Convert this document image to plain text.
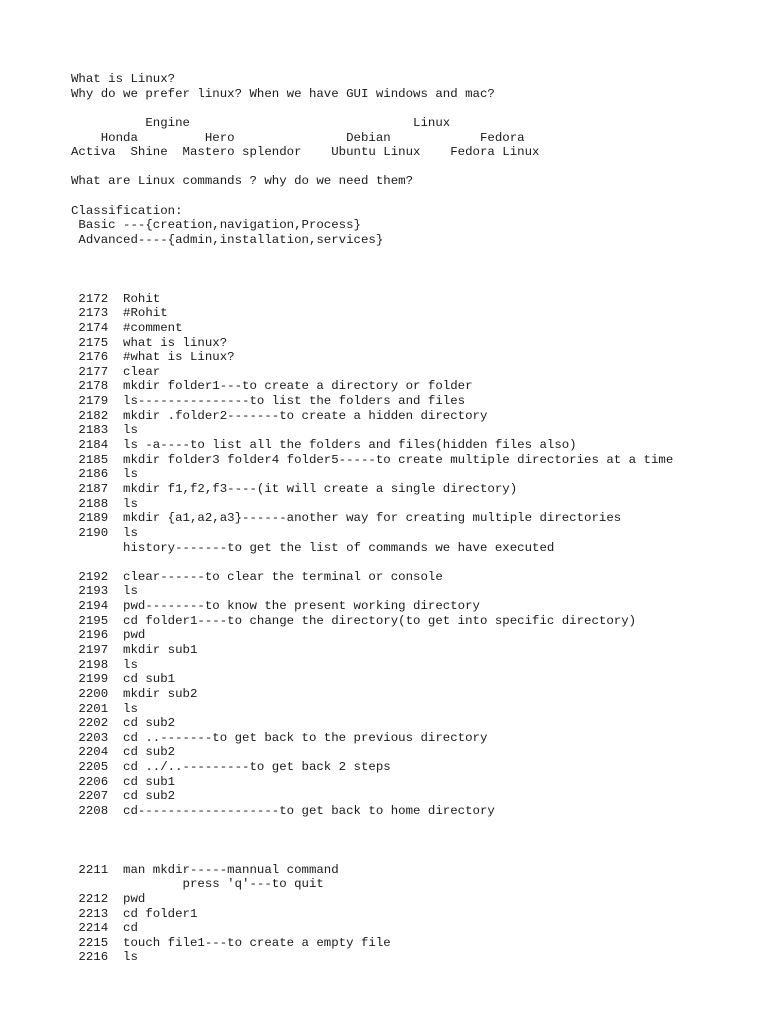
What is Linux?
Why do we prefer linux? When we have GUI windows and mac?
Engine                              Linux
Honda         Hero               Debian            Fedora
Activa  Shine  Mastero splendor    Ubuntu Linux    Fedora Linux
What are Linux commands ? why do we need them?
Classification:
Basic ---{creation,navigation,Process}
Advanced----{admin,installation,services}
2172  Rohit
2173  #Rohit
2174  #comment
2175  what is linux?
2176  #what is Linux?
2177  clear
2178  mkdir folder1---to create a directory or folder
2179  ls---------------to list the folders and files
2182  mkdir .folder2-------to create a hidden directory
2183  ls
2184  ls -a----to list all the folders and files(hidden files also)
2185  mkdir folder3 folder4 folder5-----to create multiple directories at a time
2186  ls
2187  mkdir f1,f2,f3----(it will create a single directory)
2188  ls
2189  mkdir {a1,a2,a3}------another way for creating multiple directories
2190  ls
history-------to get the list of commands we have executed
2192  clear------to clear the terminal or console
2193  ls
2194  pwd--------to know the present working directory
2195  cd folder1----to change the directory(to get into specific directory)
2196  pwd
2197  mkdir sub1
2198  ls
2199  cd sub1
2200  mkdir sub2
2201  ls
2202  cd sub2
2203  cd ..-------to get back to the previous directory
2204  cd sub2
2205  cd ../..---------to get back 2 steps
2206  cd sub1
2207  cd sub2
2208  cd-------------------to get back to home directory
2211  man mkdir-----mannual command
press 'q'---to quit
2212  pwd
2213  cd folder1
2214  cd
2215  touch file1---to create a empty file
2216  ls
